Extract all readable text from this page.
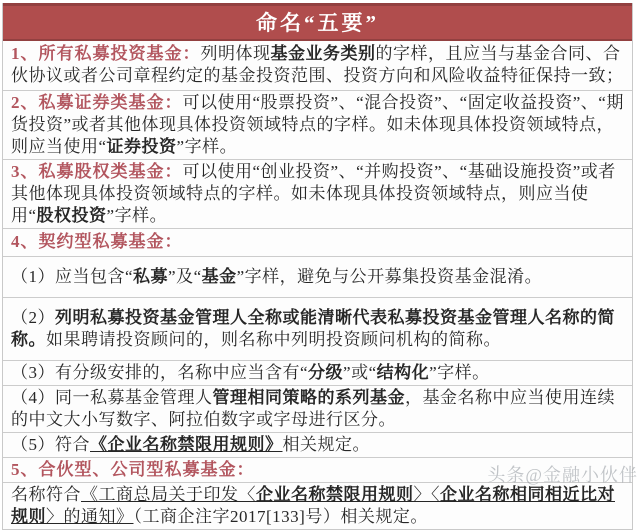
命名“五要”
1、所有私募投资基金：列明体现基金业务类别的字样，且应当与基金合同、合伙协议或者公司章程约定的基金投资范围、投资方向和风险收益特征保持一致；
2、私募证券类基金：可以使用“股票投资”、“混合投资”、“固定收益投资”、“期货投资”或者其他体现具体投资领域特点的字样。如未体现具体投资领域特点，则应当使用“证券投资”字样。
3、私募股权类基金：可以使用“创业投资”、“并购投资”、“基础设施投资”或者其他体现具体投资领域特点的字样。如未体现具体投资领域特点，则应当使用“股权投资”字样。
4、契约型私募基金：
（1）应当包含“私募”及“基金”字样，避免与公开募集投资基金混淆。
（2）列明私募投资基金管理人全称或能清晰代表私募投资基金管理人名称的简称。如果聘请投资顾问的，则名称中列明投资顾问机构的简称。
（3）有分级安排的，名称中应当含有“分级”或“结构化”字样。
（4）同一私募基金管理人管理相同策略的系列基金，基金名称中应当使用连续的中文大小写数字、阿拉伯数字或字母进行区分。
（5）符合《企业名称禁限用规则》相关规定。
5、合伙型、公司型私募基金：
名称符合《工商总局关于印发〈企业名称禁限用规则〉〈企业名称相同相近比对规则〉的通知》（工商企注字2017[133]号）相关规定。
头条@金融小伙伴
